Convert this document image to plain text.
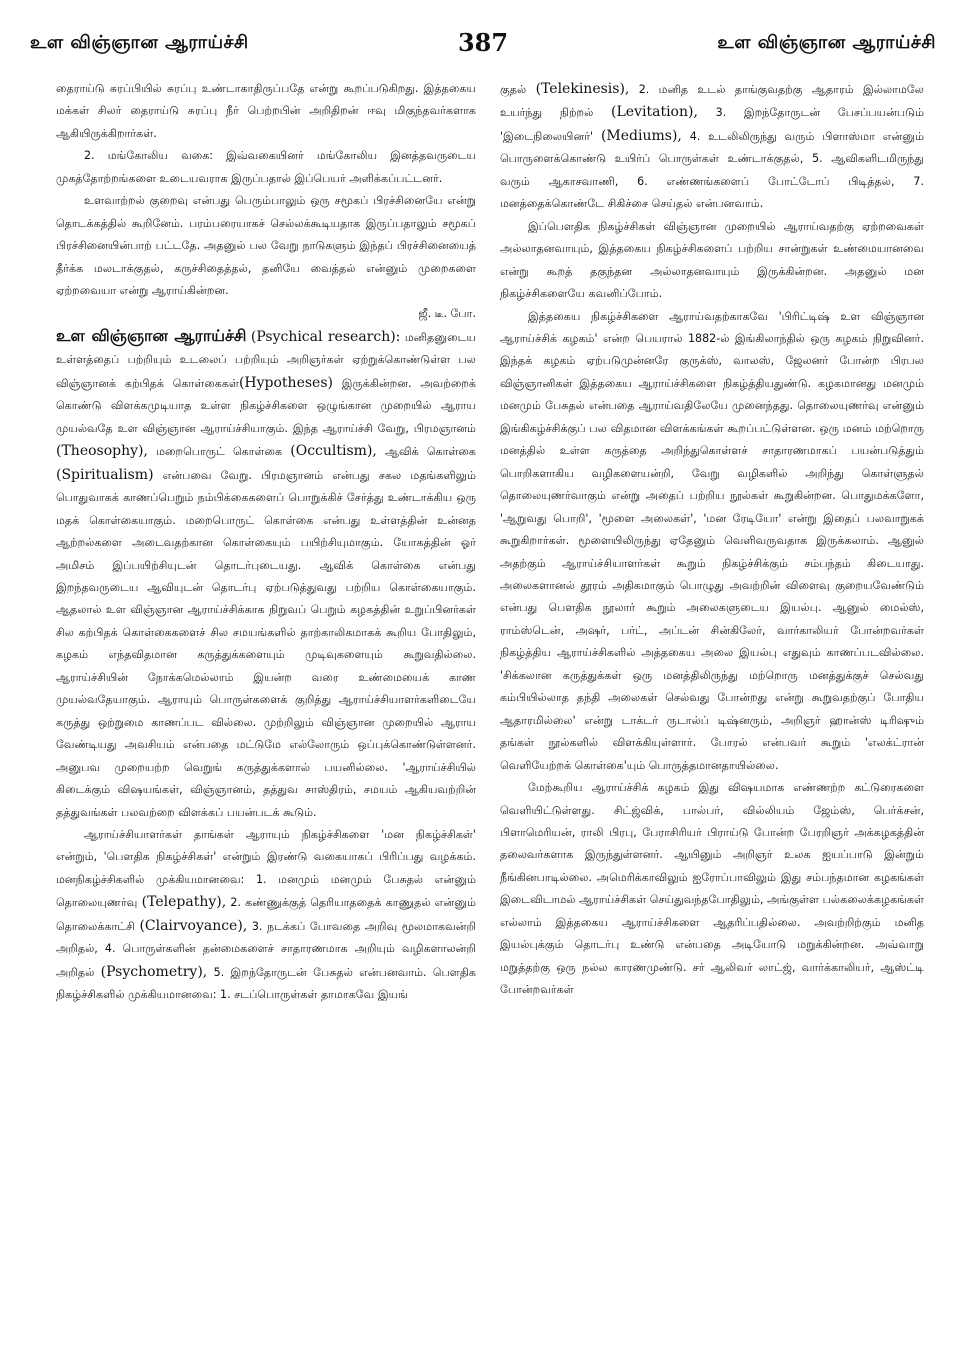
உள விஞ்ஞான ஆராய்ச்சி	387	உள விஞ்ஞான ஆராய்ச்சி

தைராய்டு சுரப்பியில் சுரப்பு உண்டாகாதிருப்பதே என்று கூறப்படுகிறது. இத்தகைய மக்கள் சிலர் தைராய்டு சுரப்பு நீர் பெற்றபின் அறிதிறன் ஈவு மிகுந்தவர்களாக ஆகியிருக்கிறார்கள்.

2. மங்கோலிய வகை: இவ்வகையினர் மங்கோலிய இனத்தவருடைய முகத்தோற்றங்களை உடையவராக இருப்பதால் இப்பெயர் அளிக்கப்பட்டனர்.

உளவாற்றல் குறைவு என்பது பெரும்பாலும் ஒரு சமூகப் பிரச்சினையே என்று தொடக்கத்தில் கூறினேம். பரம்பரையாகச் செல்லக்கூடியதாக இருப்பதாலும் சமூகப் பிரச்சினையின்பாற் பட்டதே. அதனுல் பல வேறு நாடுகளும் இந்தப் பிரச்சினையைத் தீர்க்க மலடாக்குதல், கருச்சிதைத்தல், தனியே வைத்தல் என்னும் முறைகளை ஏற்றவையா என்று ஆராய்கின்றன.

ஜீ. டீ. போ.

உள விஞ்ஞான ஆராய்ச்சி (Psychical research): மனிதனுடைய உள்ளத்தைப் பற்றியும் உடலைப் பற்றியும் அறிஞர்கள் ஏற்றுக்கொண்டுள்ள பல விஞ்ஞானக் கற்பிதக் கொள்கைகள்(Hypotheses) இருக்கின்றன. அவற்றைக் கொண்டு விளக்கமுடியாத உள்ள நிகழ்ச்சிகளை ஒழுங்கான முறையில் ஆராய முயல்வதே உள விஞ்ஞான ஆராய்ச்சியாகும். இந்த ஆராய்ச்சி வேறு, பிரமஞானம் (Theosophy), மறைபொருட் கொள்கை (Occultism), ஆவிக் கொள்கை (Spiritualism) என்பவை வேறு. பிரமஞானம் என்பது சகல மதங்களிலும் பொதுவாகக் காணப்பெறும் நம்பிக்கைகளைப் பொறுக்கிச் சேர்த்து உண்டாக்கிய ஒரு மதக் கொள்கையாகும். மறைபொருட் கொள்கை என்பது உள்ளத்தின் உன்னத ஆற்றல்களை அடைவதற்கான கொள்கையும் பயிற்சியுமாகும். யோகத்தின் ஓர் அமிசம் இப்பயிற்சியுடன் தொடர்புடையது. ஆவிக் கொள்கை என்பது இறந்தவருடைய ஆவியுடன் தொடர்பு ஏற்படுத்துவது பற்றிய கொள்கையாகும். ஆதலால் உள விஞ்ஞான ஆராய்ச்சிக்காக நிறுவப் பெறும் கழகத்தின் உறுப்பினர்கள் சில கற்பிதக் கொள்கைகளைச் சில சமயங்களில் தாற்காலிகமாகக் கூறிய போதிலும், கழகம் எந்தவிதமான கருத்துக்களையும் முடிவுகளையும் கூறுவதில்லை. ஆராய்ச்சியின் நோக்கமெல்லாம் இயன்ற வரை உண்மையைக் காண முயல்வதேயாகும். ஆராயும் பொருள்களைக் குறித்து ஆராய்ச்சியாளர்களிடையே கருத்து ஒற்றுமை காணப்பட வில்லை. முற்றிலும் விஞ்ஞான முறையில் ஆராய வேண்டியது அவசியம் என்பதை மட்டுமே எல்லோரும் ஒப்புக்கொண்டுள்ளனர். அனுபவ முறையற்ற வெறுங் கருத்துக்களால் பயனில்லை. 'ஆராய்ச்சியில் கிடைக்கும் விஷயங்கள், விஞ்ஞானம், தத்துவ சாஸ்திரம், சமயம் ஆகியவற்றின் தத்துவங்கள் பலவற்றை விளக்கப் பயன்படக் கூடும்.

ஆராய்ச்சியாளர்கள் தாங்கள் ஆராயும் நிகழ்ச்சிகளை 'மன நிகழ்ச்சிகள்' என்றும், 'பௌதிக நிகழ்ச்சிகள்' என்றும் இரண்டு வகையாகப் பிரிப்பது வழக்கம். மனநிகழ்ச்சிகளில் முக்கியமானவை: 1. மனமும் மனமும் பேசுதல் என்னும் தொலையுணர்வு (Telepathy), 2. கண்ணுக்குத் தெரியாததைக் காணுதல் என்னும் தொலைக்காட்சி (Clairvoyance), 3. நடக்கப் போவதை அறிவு மூலமாகவன்றி அறிதல், 4. பொருள்களின் தன்மைகளைச் சாதாரணமாக அறியும் வழிகளாலன்றி அறிதல் (Psychometry), 5. இறந்தோருடன் பேசுதல் என்பனவாம். பௌதிக நிகழ்ச்சிகளில் முக்கியமானவை: 1. சடப்பொருள்கள் தாமாகவே இயங்

குதல் (Telekinesis), 2. மனித உடல் தாங்குவதற்கு ஆதாரம் இல்லாமலே உயர்ந்து நிற்றல் (Levitation), 3. இறந்தோருடன் பேசப்பயன்படும் 'இடைநிலையினர்' (Mediums), 4. உடலிலிருந்து வரும் பிளாஸ்மா என்னும் பொருளைக்கொண்டு உயிர்ப் பொருள்கள் உண்டாக்குதல், 5. ஆவிகளிடமிருந்து வரும் ஆகாசவாணி, 6. எண்ணங்களைப் போட்டோப் பிடித்தல், 7. மனத்தைக்கொண்டே சிகிச்சை செய்தல் என்பனவாம்.

இப்பௌதிக நிகழ்ச்சிகள் விஞ்ஞான முறையில் ஆராய்வதற்கு ஏற்றவைகள் அல்லாதனவாயும், இத்தகைய நிகழ்ச்சிகளைப் பற்றிய சான்றுகள் உண்மையானவை என்று கூறத் தகுந்தன அல்லாதனவாயும் இருக்கின்றன. அதனுல் மன நிகழ்ச்சிகளையே கவனிப்போம்.

இத்தகைய நிகழ்ச்சிகளை ஆராய்வதற்காகவே 'பிரிட்டிஷ் உள விஞ்ஞான ஆராய்ச்சிக் கழகம்' என்ற பெயரால் 1882-ல் இங்கிலாந்தில் ஒரு கழகம் நிறுவினர். இந்தக் கழகம் ஏற்படுமுன்னரே குருக்ஸ், வாலஸ், ஜேலனர் போன்ற பிரபல விஞ்ஞானிகள் இத்தகைய ஆராய்ச்சிகளை நிகழ்த்தியதுண்டு. கழகமானது மனமும் மனமும் பேசுதல் என்பதை ஆராய்வதிலேயே முனைந்தது. தொலையுணர்வு என்னும் இங்கிகழ்ச்சிக்குப் பல விதமான விளக்கங்கள் கூறப்பட்டுள்ளன. ஒரு மனம் மற்றொரு மனத்தில் உள்ள கருத்தை அறிந்துகொள்ளச் சாதாரணமாகப் பயன்படுத்தும் பொறிகளாகிய வழிகளையன்றி, வேறு வழிகளில் அறிந்து கொள்ளுதல் தொலையுணர்வாகும் என்று அதைப் பற்றிய நூல்கள் கூறுகின்றன. பொதுமக்களோ, 'ஆறுவது பொறி', 'மூளை அலைகள்', 'மன ரேடியோ' என்று இதைப் பலவாறுகக் கூறுகிறார்கள். மூளையிலிருந்து ஏதேனும் வெளிவருவதாக இருக்கலாம். ஆனுல் அதற்கும் ஆராய்ச்சியாளர்கள் கூறும் நிகழ்ச்சிக்கும் சம்பந்தம் கிடையாது. அலைகளானல் தூரம் அதிகமாகும் பொழுது அவற்றின் விளைவு குறையவேண்டும் என்பது பௌதிக நூலார் கூறும் அலைகளுடைய இயல்பு. ஆனுல் மைல்ஸ், ராம்ஸ்டென், அஷர், பர்ட், அப்டன் சின்கிலேர், வார்காலியர் போன்றவர்கள் நிகழ்த்திய ஆராய்ச்சிகளில் அத்தகைய அலை இயல்பு எதுவும் காணப்படவில்லை. 'சிக்கலான கருத்துக்கள் ஒரு மனத்திலிருந்து மற்றொரு மனத்துக்குச் செல்வது கம்பியில்லாத தந்தி அலைகள் செல்வது போன்றது என்று கூறுவதற்குப் போதிய ஆதாரமில்லை' என்று டாக்டர் ருடால்ப் டிஷ்னரும், அறிஞர் ஹான்ஸ் டிரிஷும் தங்கள் நூல்களில் விளக்கியுள்ளார். போரல் என்பவர் கூறும் 'எலக்ட்ரான் வெளியேற்றக் கொள்கை'யும் பொருத்தமானதாயில்லை.

மேற்கூறிய ஆராய்ச்சிக் கழகம் இது விஷயமாக எண்ணற்ற கட்டுரைகளை வெளியிட்டுள்ளது. சிட்ஜ்விக், பால்பர், வில்லியம் ஜேம்ஸ், பெர்க்சன், பிளாமெரியன், ராலி பிரபு, பேராசிரியர் பிராய்டு போன்ற பேரறிஞர் அக்கழகத்தின் தலைவர்களாக இருந்துள்ளனர். ஆயினும் அறிஞர் உலக ஐயப்பாடு இன்றும் நீங்கினபாடில்லை. அமெரிக்காவிலும் ஐரோப்பாவிலும் இது சம்பந்தமான கழகங்கள் இடைவிடாமல் ஆராய்ச்சிகள் செய்துவந்தபோதிலும், அங்குள்ள பல்கலைக்கழகங்கள் எல்லாம் இத்தகைய ஆராய்ச்சிகளை ஆதரிப்பதில்லை. அவற்றிற்கும் மனித இயல்புக்கும் தொடர்பு உண்டு என்பதை அடியோடு மறுக்கின்றன. அவ்வாறு மறுத்தற்கு ஒரு நல்ல காரணமுண்டு. சர் ஆலிவர் லாட்ஜ், வார்க்காலியர், ஆஸ்ட்டி போன்றவர்கள்
